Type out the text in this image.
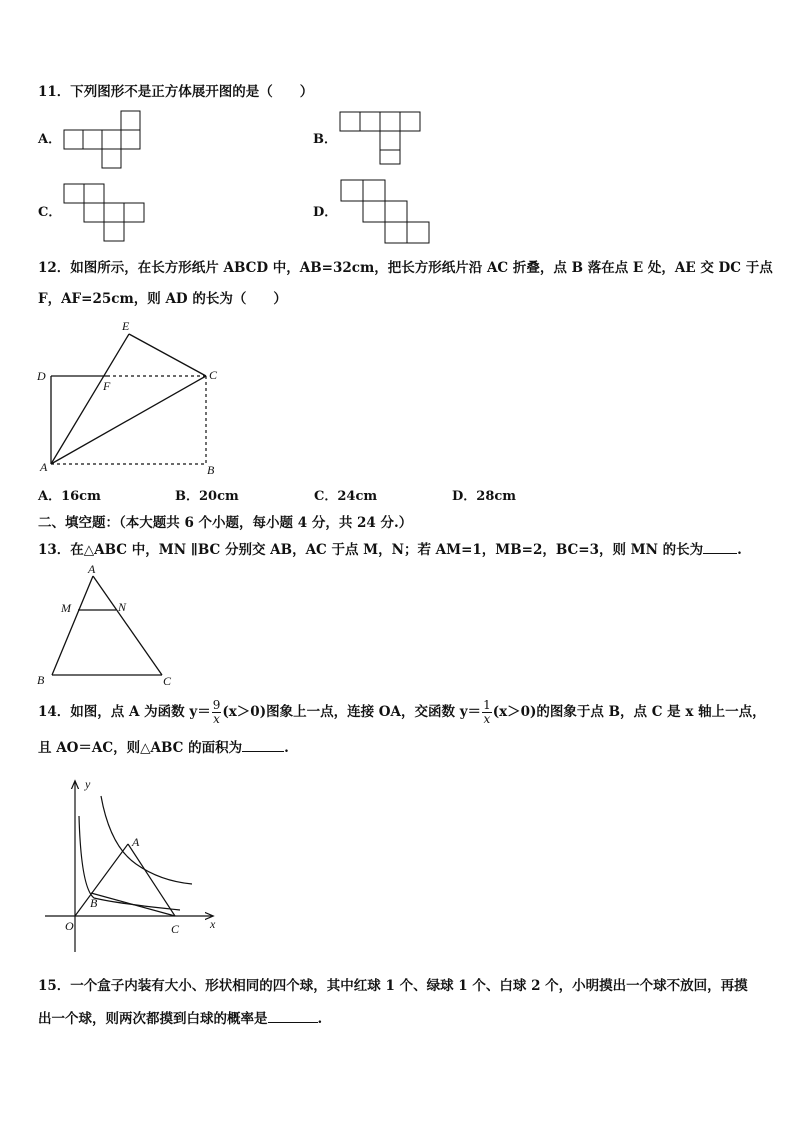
11．下列图形不是正方体展开图的是（　　）
A．	B．
C．	D．
12．如图所示，在长方形纸片 ABCD 中，AB=32cm，把长方形纸片沿 AC 折叠，点 B 落在点 E 处，AE 交 DC 于点
F，AF=25cm，则 AD 的长为（　　）
E
D
F
C
A	B
A．16cm	B．20cm	C．24cm	D．28cm
二、填空题：（本大题共 6 个小题，每小题 4 分，共 24 分.）
13．在△ABC 中，MN ∥BC 分别交 AB，AC 于点 M，N；若 AM=1，MB=2，BC=3，则 MN 的长为	.
A
M	N
B	C
14．如图，点 A 为函数 $y= \frac{9}{x} (x>0)$图象上一点，连接 OA，交函数 $y= \frac{1}{x} (x>0)$的图象于点 B，点 C 是 x 轴上一点，
且 AO＝AC，则△ABC 的面积为	.
y
x
O
A
B
C
15．一个盒子内装有大小、形状相同的四个球，其中红球 1 个、绿球 1 个、白球 2 个，小明摸出一个球不放回，再摸
出一个球，则两次都摸到白球的概率是	.
